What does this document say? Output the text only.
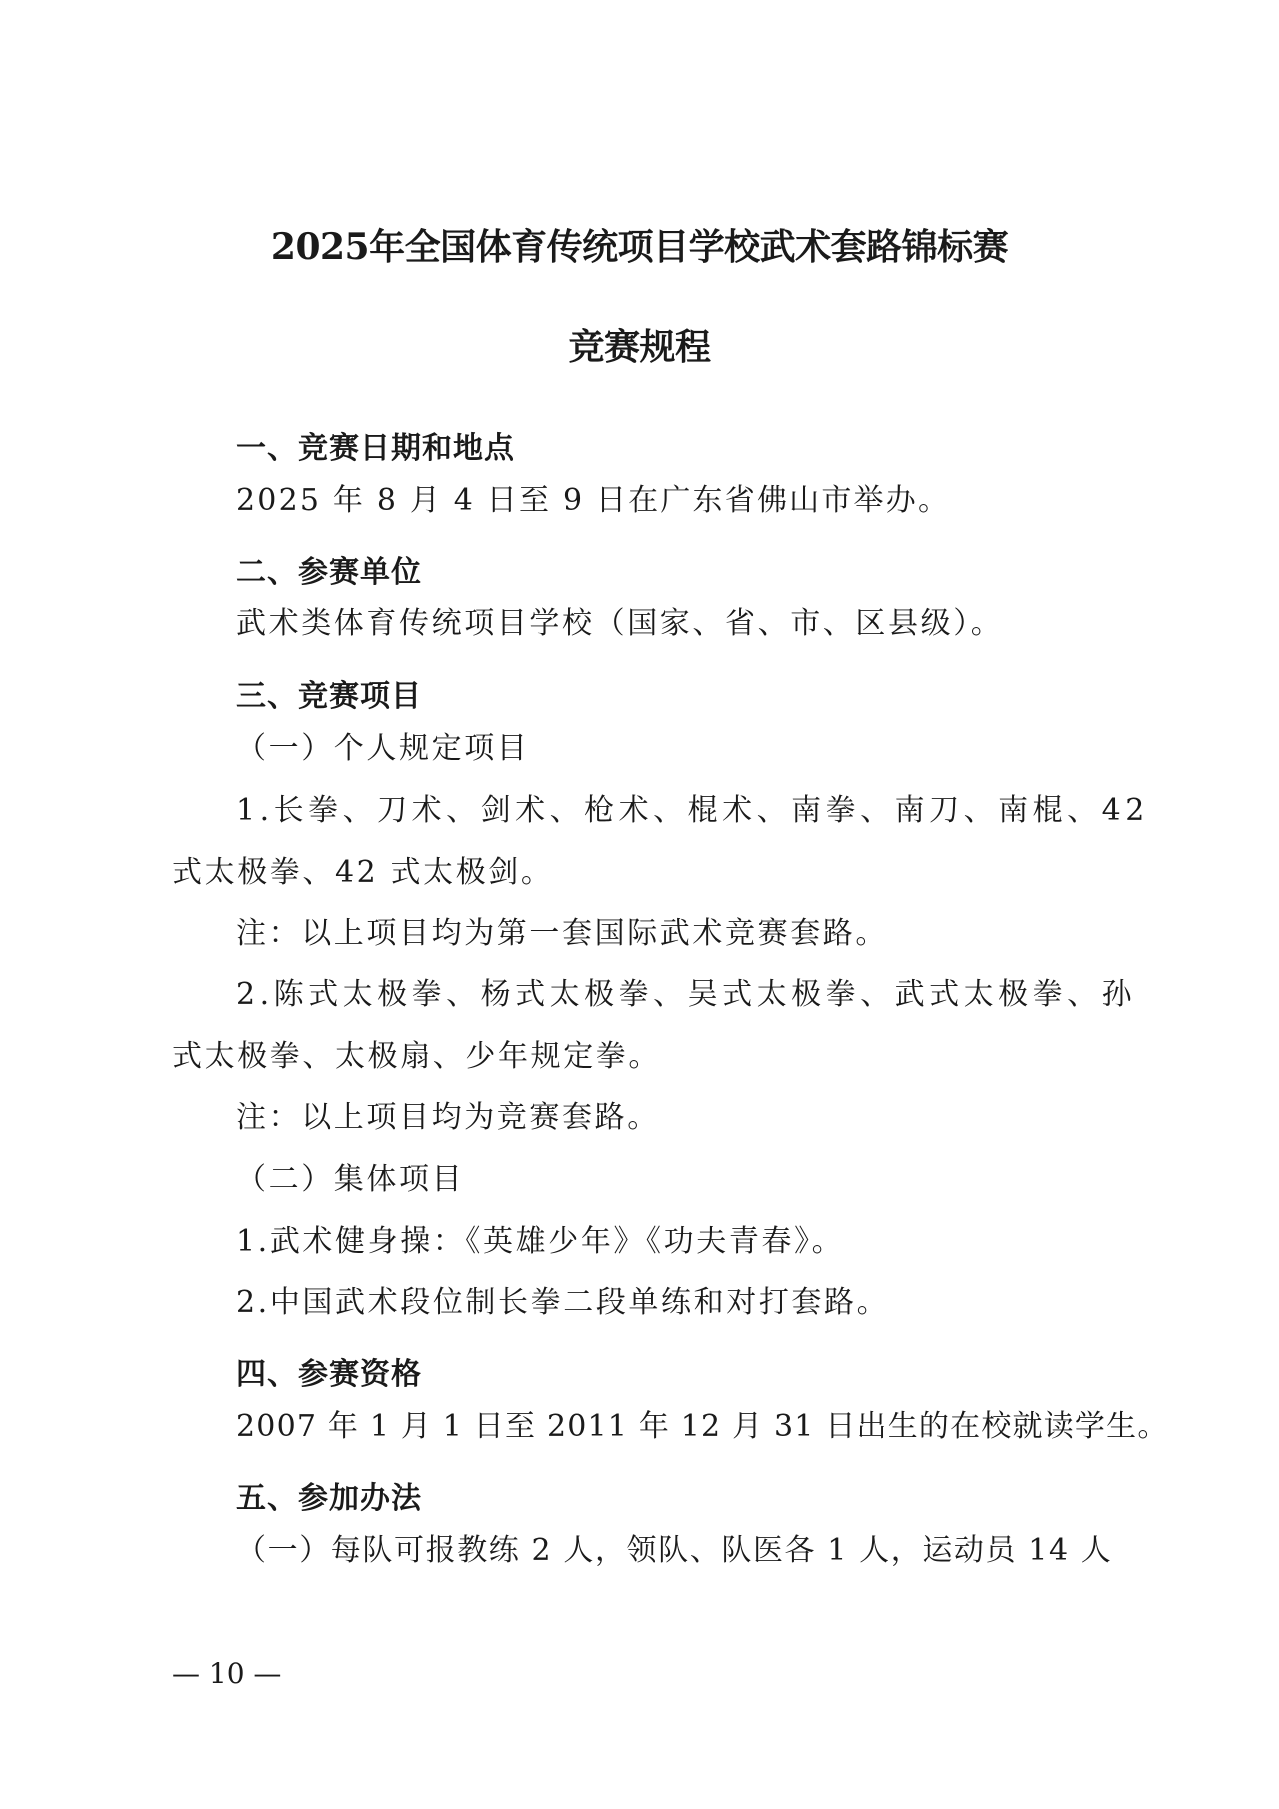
2025年全国体育传统项目学校武术套路锦标赛
竞赛规程
一、竞赛日期和地点

2025 年 8 月 4 日至 9 日在广东省佛山市举办。

二、参赛单位

武术类体育传统项目学校（国家、省、市、区县级）。

三、竞赛项目

（一）个人规定项目

1.长拳、刀术、剑术、枪术、棍术、南拳、南刀、南棍、42

式太极拳、42 式太极剑。

注：以上项目均为第一套国际武术竞赛套路。

2.陈式太极拳、杨式太极拳、吴式太极拳、武式太极拳、孙

式太极拳、太极扇、少年规定拳。

注：以上项目均为竞赛套路。

（二）集体项目

1.武术健身操：《英雄少年》《功夫青春》。

2.中国武术段位制长拳二段单练和对打套路。

四、参赛资格

2007 年 1 月 1 日至 2011 年 12 月 31 日出生的在校就读学生。

五、参加办法

（一）每队可报教练 2 人，领队、队医各 1 人，运动员 14 人

— 10 —
